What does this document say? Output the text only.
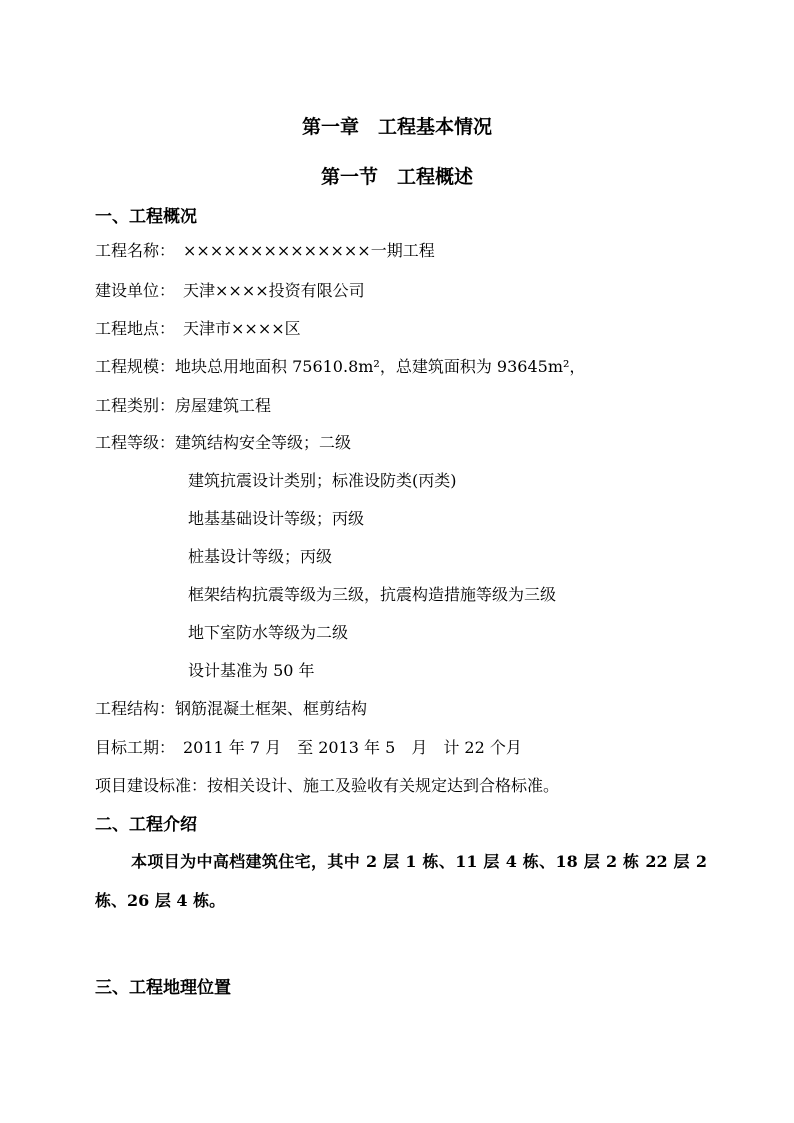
第一章　工程基本情况
第一节　工程概述
一、工程概况
工程名称：　××××××××××××××一期工程
建设单位：　天津××××投资有限公司
工程地点：　天津市××××区
工程规模：地块总用地面积 75610.8m²，总建筑面积为 93645m²，
工程类别：房屋建筑工程
工程等级：建筑结构安全等级；二级
建筑抗震设计类别；标准设防类(丙类)
地基基础设计等级；丙级
桩基设计等级；丙级
框架结构抗震等级为三级，抗震构造措施等级为三级
地下室防水等级为二级
设计基准为 50 年
工程结构：钢筋混凝土框架、框剪结构
目标工期：　2011 年 7 月　至 2013 年 5　月　计 22 个月
项目建设标准：按相关设计、施工及验收有关规定达到合格标准。
二、工程介绍
本项目为中高档建筑住宅，其中 2 层 1 栋、11 层 4 栋、18 层 2 栋 22 层 2 栋、26 层 4 栋。
三、工程地理位置
